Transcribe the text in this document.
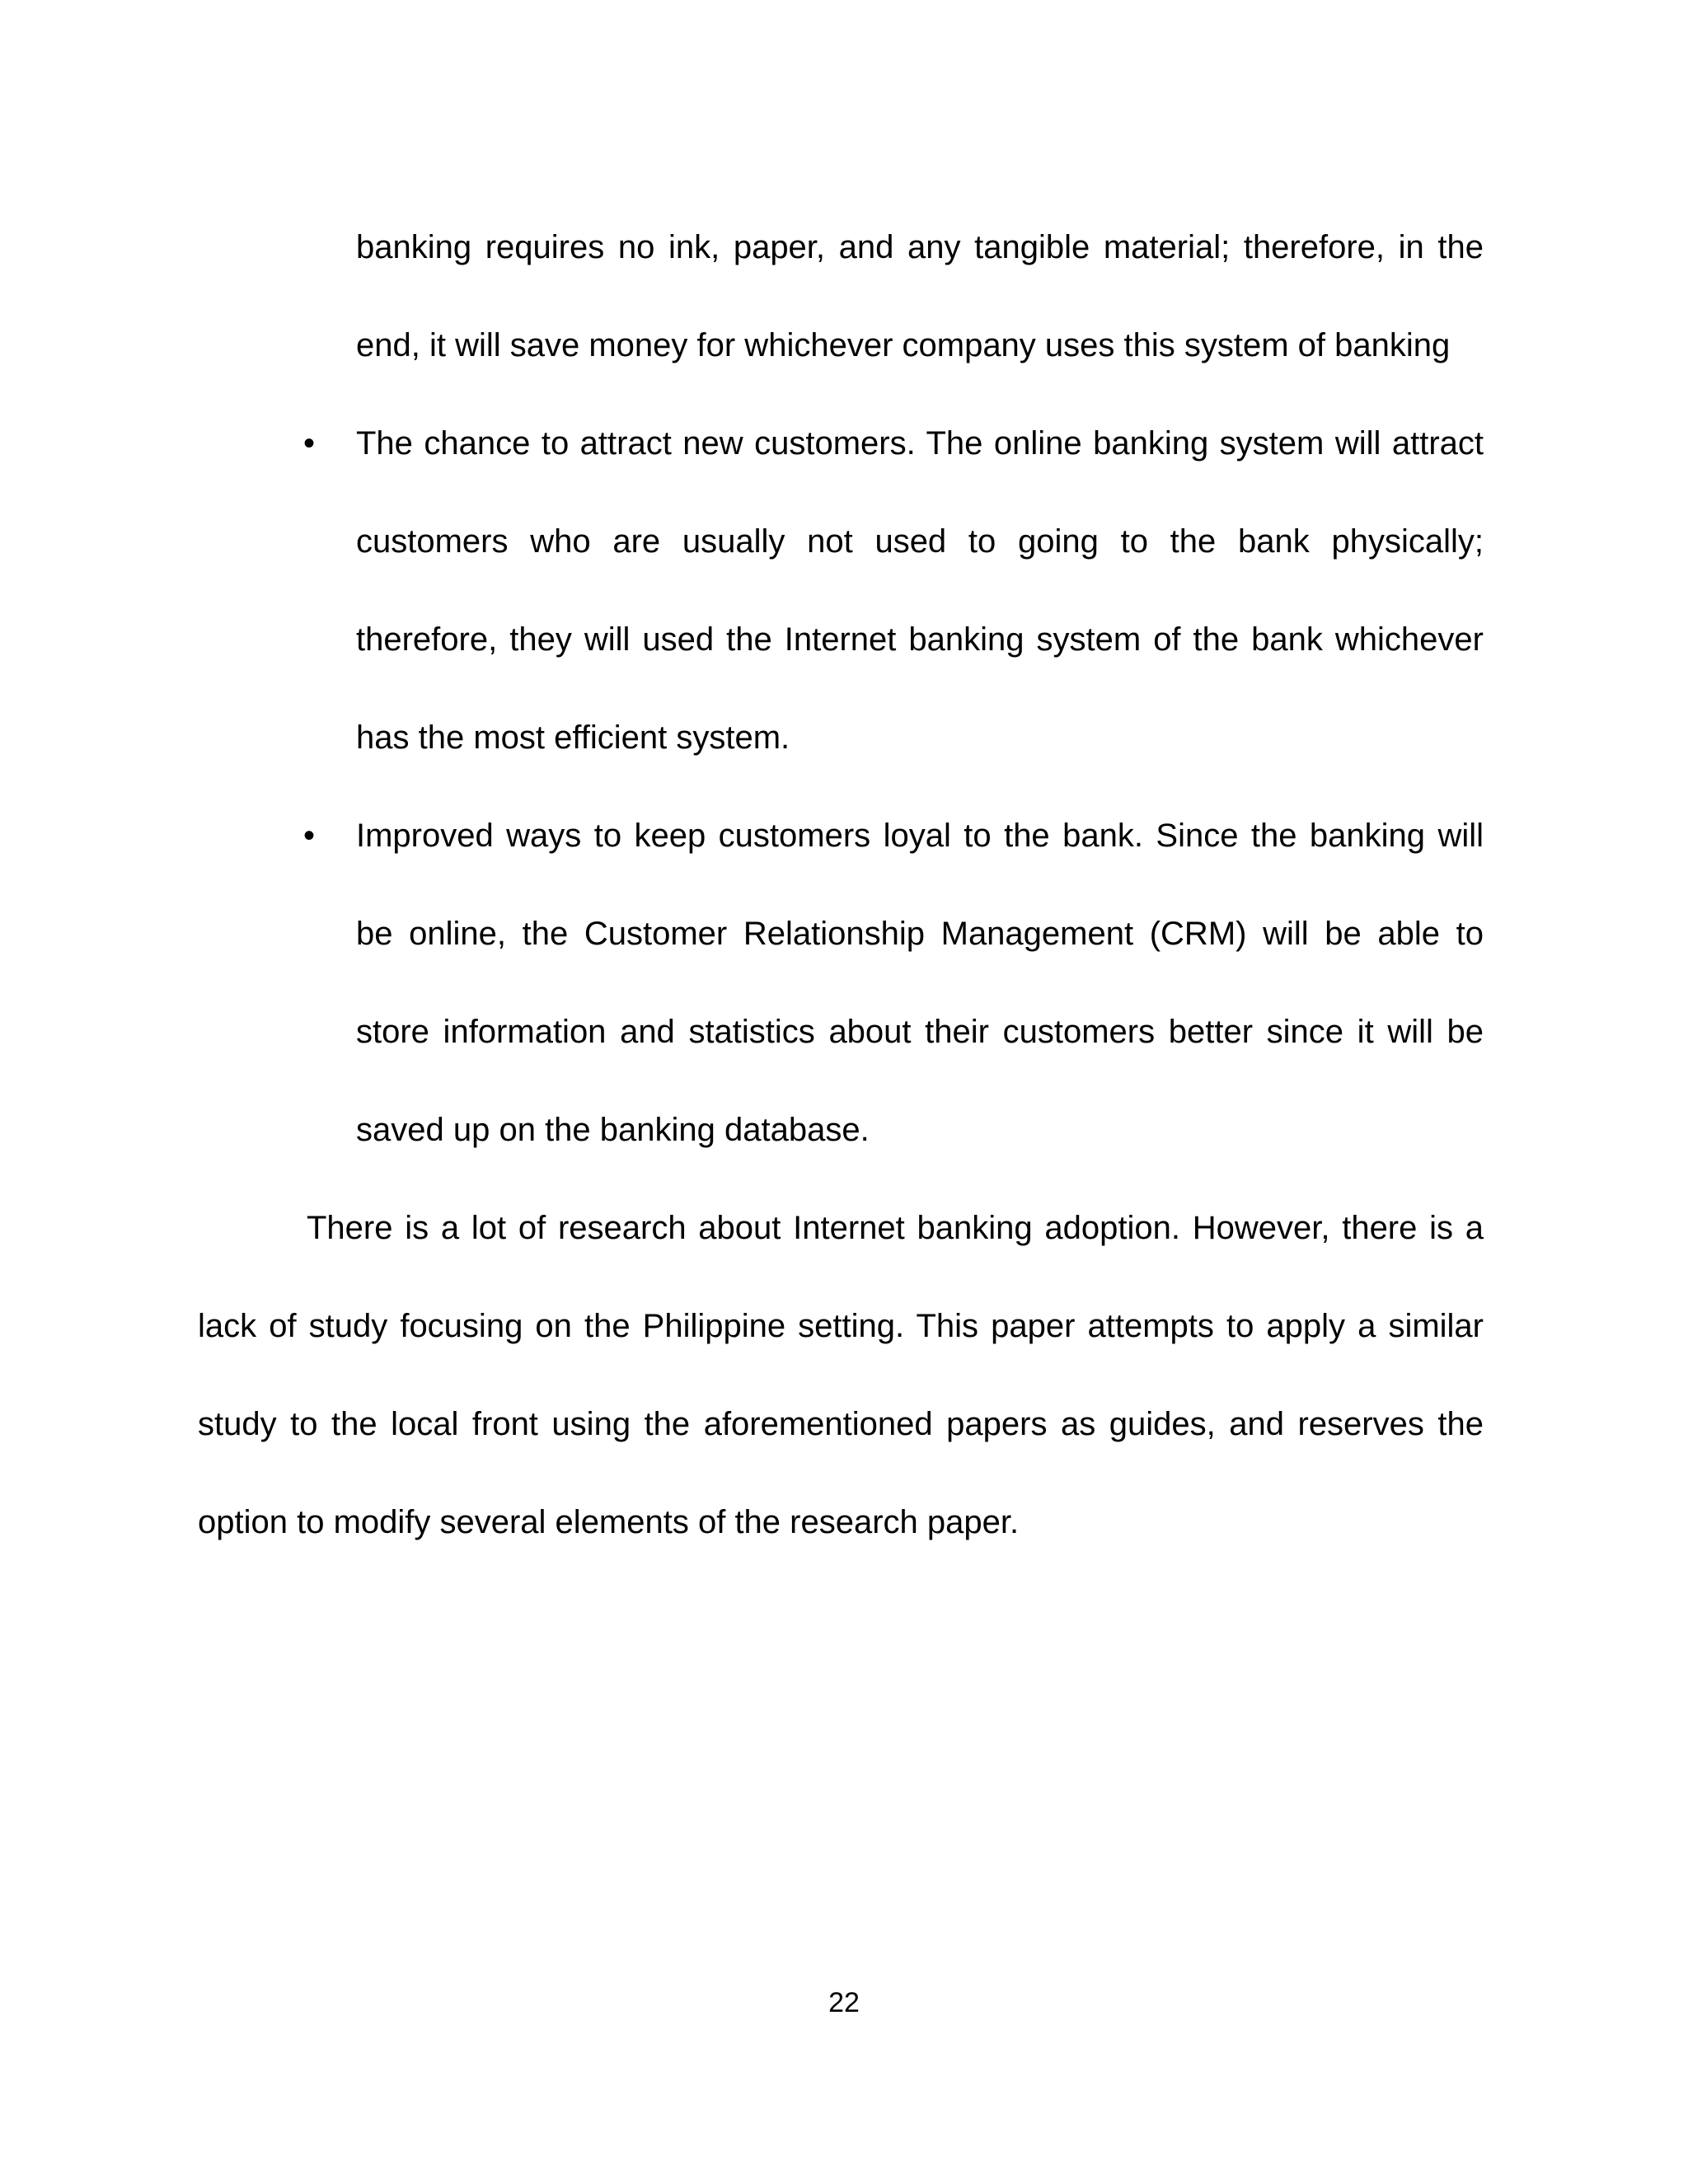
banking requires no ink, paper, and any tangible material; therefore, in the
end, it will save money for whichever company uses this system of banking
• The chance to attract new customers. The online banking system will attract
customers who are usually not used to going to the bank physically;
therefore, they will used the Internet banking system of the bank whichever
has the most efficient system.
• Improved ways to keep customers loyal to the bank. Since the banking will
be online, the Customer Relationship Management (CRM) will be able to
store information and statistics about their customers better since it will be
saved up on the banking database.
There is a lot of research about Internet banking adoption. However, there is a
lack of study focusing on the Philippine setting. This paper attempts to apply a similar
study to the local front using the aforementioned papers as guides, and reserves the
option to modify several elements of the research paper.
22
